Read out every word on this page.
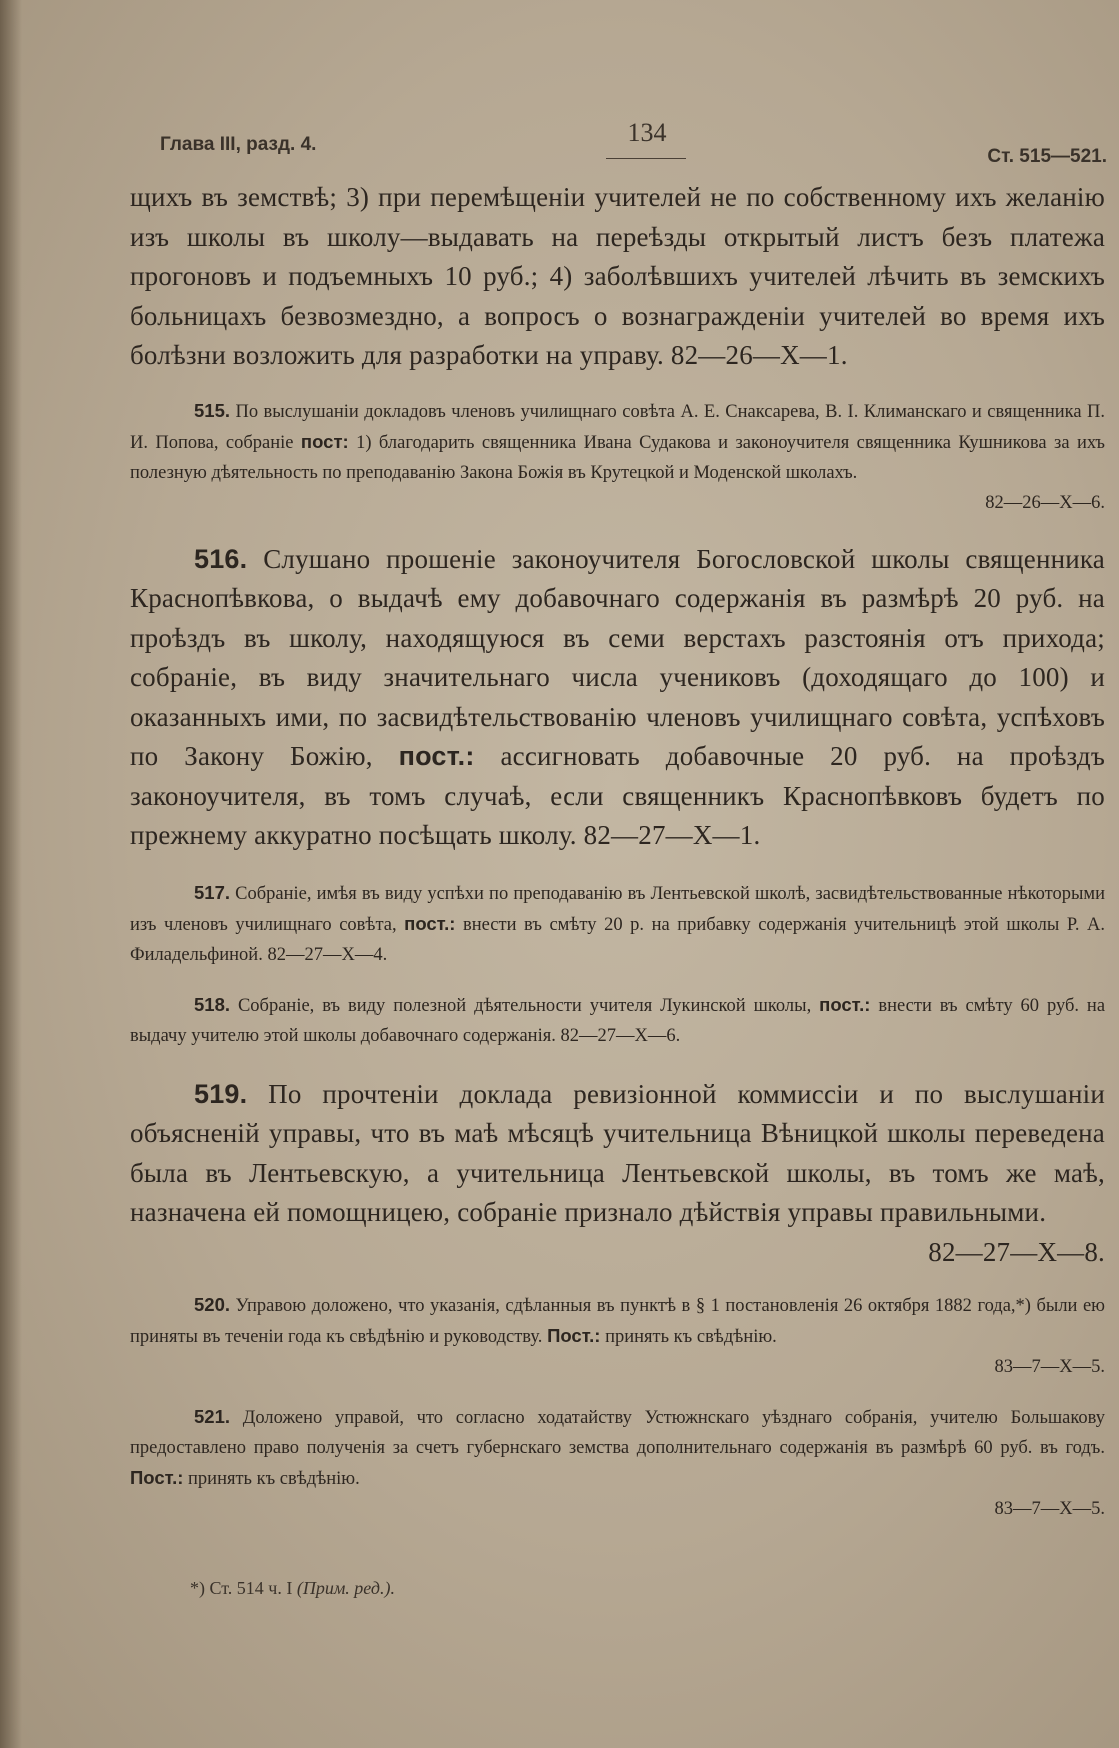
Глава III, разд. 4.	134
Ст. 515—521.

щихъ въ земствѣ; 3) при перемѣщеніи учителей не по собственному ихъ желанію изъ школы въ школу—выдавать на переѣзды открытый листъ безъ платежа прогоновъ и подъемныхъ 10 руб.; 4) заболѣвшихъ учителей лѣчить въ земскихъ больницахъ безвозмездно, а вопросъ о вознагражденіи учителей во время ихъ болѣзни возложить для разработки на управу. 82—26—X—1.

515. По выслушаніи докладовъ членовъ училищнаго совѣта А. Е. Снаксарева, В. І. Климанскаго и священника П. И. Попова, собраніе пост: 1) благодарить священника Ивана Судакова и законоучителя священника Кушникова за ихъ полезную дѣятельность по преподаванію Закона Божія въ Крутецкой и Моденской школахъ.
82—26—X—6.

516. Слушано прошеніе законоучителя Богословской школы священника Краснопѣвкова, о выдачѣ ему добавочнаго содержанія въ размѣрѣ 20 руб. на проѣздъ въ школу, находящуюся въ семи верстахъ разстоянія отъ прихода; собраніе, въ виду значительнаго числа учениковъ (доходящаго до 100) и оказанныхъ ими, по засвидѣтельствованію членовъ училищнаго совѣта, успѣховъ по Закону Божію, пост.: ассигновать добавочные 20 руб. на проѣздъ законоучителя, въ томъ случаѣ, если священникъ Краснопѣвковъ будетъ по прежнему аккуратно посѣщать школу. 82—27—X—1.

517. Собраніе, имѣя въ виду успѣхи по преподаванію въ Лентьевской школѣ, засвидѣтельствованные нѣкоторыми изъ членовъ училищнаго совѣта, пост.: внести въ смѣту 20 р. на прибавку содержанія учительницѣ этой школы Р. А. Филадельфиной. 82—27—X—4.

518. Собраніе, въ виду полезной дѣятельности учителя Лукинской школы, пост.: внести въ смѣту 60 руб. на выдачу учителю этой школы добавочнаго содержанія. 82—27—X—6.

519. По прочтеніи доклада ревизіонной коммиссіи и по выслушаніи объясненій управы, что въ маѣ мѣсяцѣ учительница Вѣницкой школы переведена была въ Лентьевскую, а учительница Лентьевской школы, въ томъ же маѣ, назначена ей помощницею, собраніе признало дѣйствія управы правильными.
82—27—X—8.

520. Управою доложено, что указанія, сдѣланныя въ пунктѣ в § 1 постановленія 26 октября 1882 года,*) были ею приняты въ теченіи года къ свѣдѣнію и руководству. Пост.: принять къ свѣдѣнію.
83—7—X—5.

521. Доложено управой, что согласно ходатайству Устюжнскаго уѣзднаго собранія, учителю Большакову предоставлено право полученія за счетъ губернскаго земства дополнительнаго содержанія въ размѣрѣ 60 руб. въ годъ. Пост.: принять къ свѣдѣнію.
83—7—X—5.

*) Ст. 514 ч. I (Прим. ред.).
